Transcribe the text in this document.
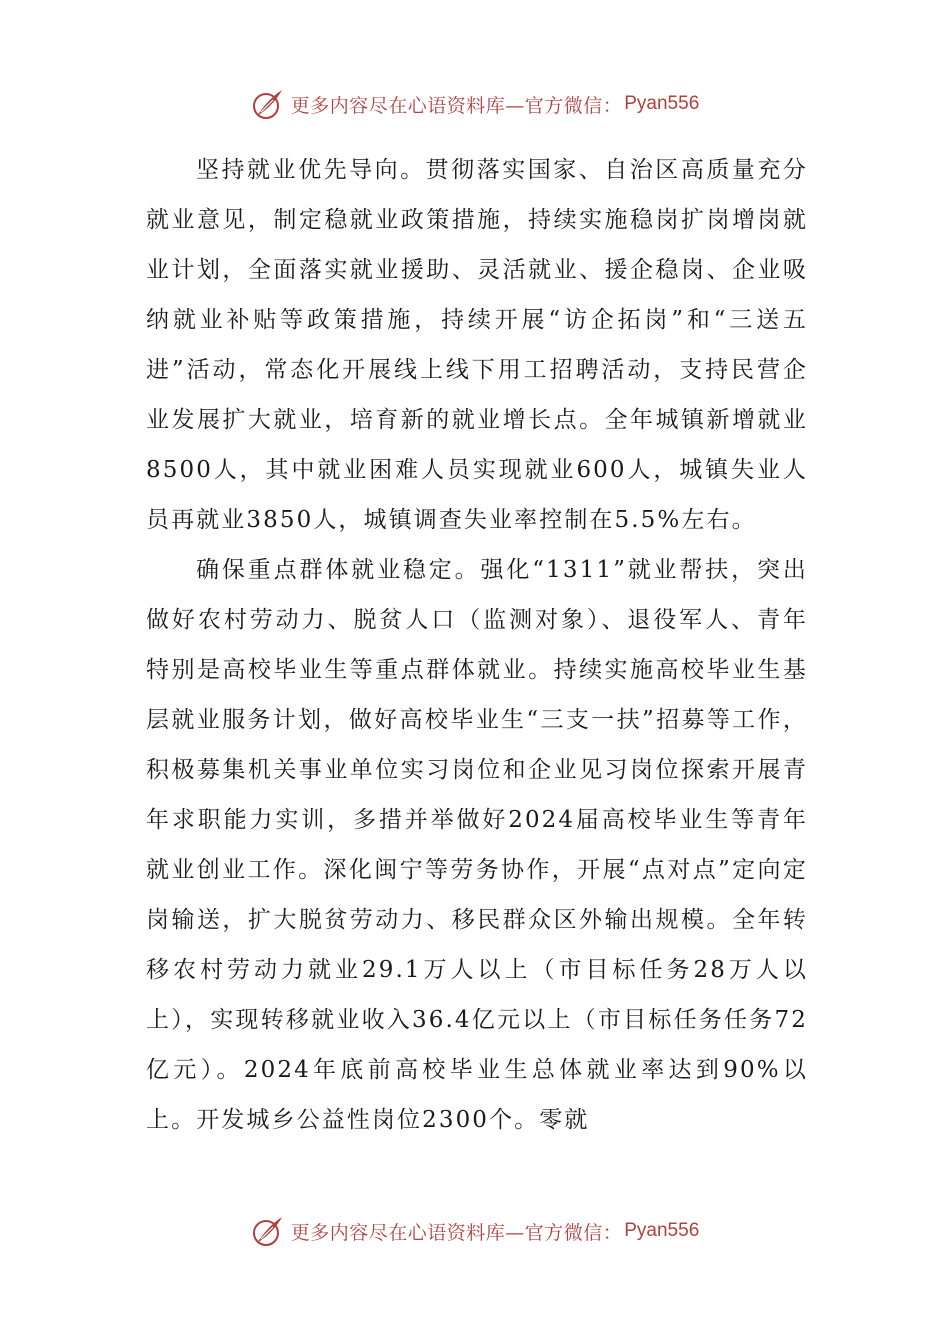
更多内容尽在心语资料库—官方微信： Pyan556

坚持就业优先导向。贯彻落实国家、自治区高质量充分就业意见，制定稳就业政策措施，持续实施稳岗扩岗增岗就业计划，全面落实就业援助、灵活就业、援企稳岗、企业吸纳就业补贴等政策措施，持续开展“访企拓岗”和“三送五进”活动，常态化开展线上线下用工招聘活动，支持民营企业发展扩大就业，培育新的就业增长点。全年城镇新增就业8500人，其中就业困难人员实现就业600人，城镇失业人员再就业3850人，城镇调查失业率控制在5.5%左右。

确保重点群体就业稳定。强化“1311”就业帮扶，突出做好农村劳动力、脱贫人口（监测对象）、退役军人、青年特别是高校毕业生等重点群体就业。持续实施高校毕业生基层就业服务计划，做好高校毕业生“三支一扶”招募等工作，积极募集机关事业单位实习岗位和企业见习岗位探索开展青年求职能力实训，多措并举做好2024届高校毕业生等青年就业创业工作。深化闽宁等劳务协作，开展“点对点”定向定岗输送，扩大脱贫劳动力、移民群众区外输出规模。全年转移农村劳动力就业29.1万人以上（市目标任务28万人以上），实现转移就业收入36.4亿元以上（市目标任务任务72亿元）。2024年底前高校毕业生总体就业率达到90%以上。开发城乡公益性岗位2300个。零就

更多内容尽在心语资料库—官方微信： Pyan556
